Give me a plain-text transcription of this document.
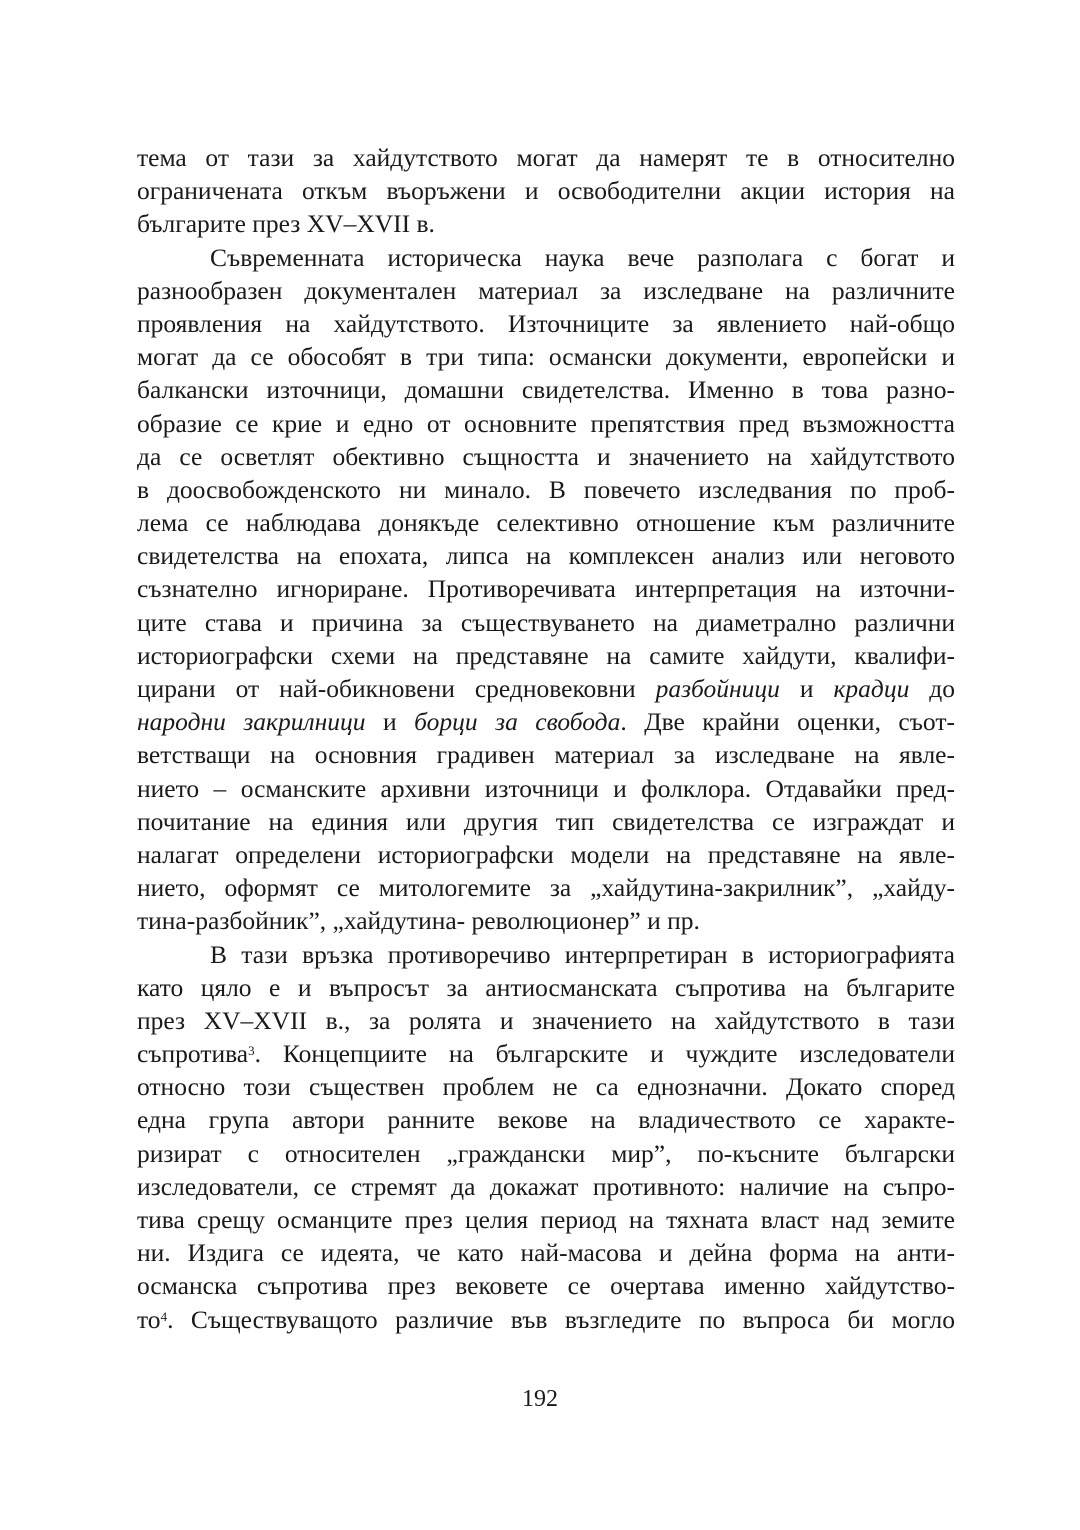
тема от тази за хайдутството могат да намерят те в относително
ограничената откъм въоръжени и освободителни акции история на
българите през XV–XVII в.
Съвременната историческа наука вече разполага с богат и
разнообразен документален материал за изследване на различните
проявления на хайдутството. Източниците за явлението най-общо
могат да се обособят в три типа: османски документи, европейски и
балкански източници, домашни свидетелства. Именно в това разно-
образие се крие и едно от основните препятствия пред възможността
да се осветлят обективно същността и значението на хайдутството
в доосвобожденското ни минало. В повечето изследвания по проб-
лема се наблюдава донякъде селективно отношение към различните
свидетелства на епохата, липса на комплексен анализ или неговото
съзнателно игнориране. Противоречивата интерпретация на източни-
ците става и причина за съществуването на диаметрално различни
историографски схеми на представяне на самите хайдути, квалифи-
цирани от най-обикновени средновековни разбойници и крадци до
народни закрилници и борци за свобода. Две крайни оценки, съот-
ветстващи на основния градивен материал за изследване на явле-
нието – османските архивни източници и фолклора. Отдавайки пред-
почитание на единия или другия тип свидетелства се изграждат и
налагат определени историографски модели на представяне на явле-
нието, оформят се митологемите за „хайдутина-закрилник”, „хайду-
тина-разбойник”, „хайдутина- революционер” и пр.
В тази връзка противоречиво интерпретиран в историографията
като цяло е и въпросът за антиосманската съпротива на българите
през XV–XVII в., за ролята и значението на хайдутството в тази
съпротива$^3$. Концепциите на българските и чуждите изследователи
относно този съществен проблем не са еднозначни. Докато според
една група автори ранните векове на владичеството се характе-
ризират с относителен „граждански мир”, по-късните български
изследователи, се стремят да докажат противното: наличие на съпро-
тива срещу османците през целия период на тяхната власт над земите
ни. Издига се идеята, че като най-масова и дейна форма на анти-
османска съпротива през вековете се очертава именно хайдутство-
$то^4$. Съществуващото различие във възгледите по въпроса би могло
192
